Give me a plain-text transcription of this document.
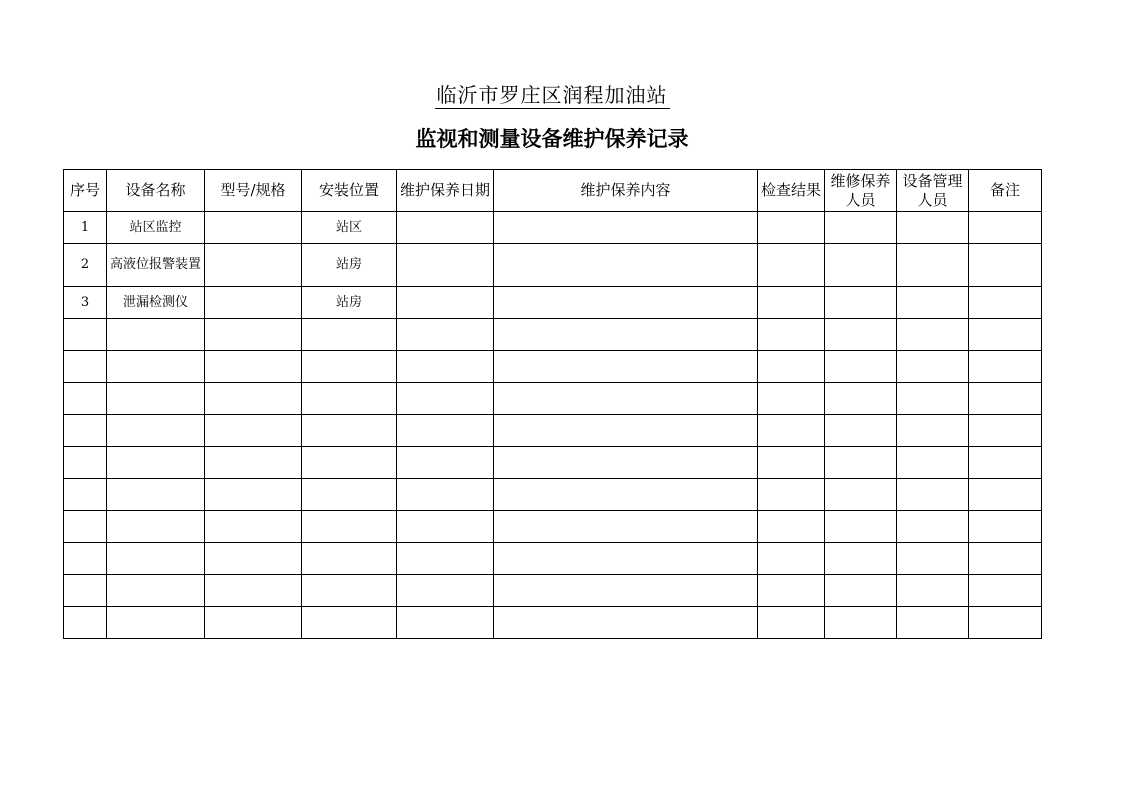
临沂市罗庄区润程加油站
监视和测量设备维护保养记录
序号	设备名称	型号/规格	安装位置	维护保养日期	维护保养内容	检查结果	维修保养人员	设备管理人员	备注
1	站区监控		站区						
2	高液位报警装置		站房						
3	泄漏检测仪		站房						
